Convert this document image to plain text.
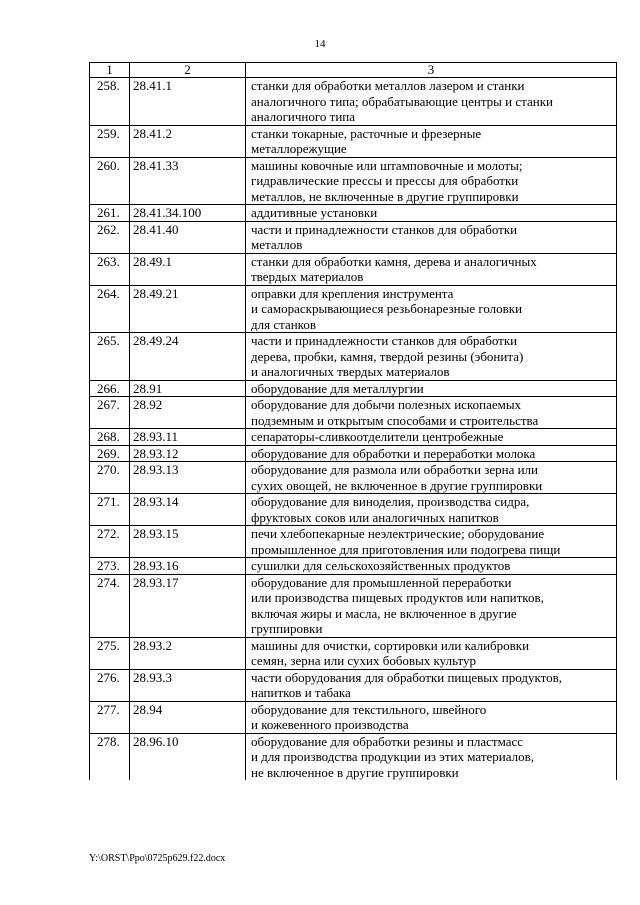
14
1	2	3
258.	28.41.1	станки для обработки металлов лазером и станки
аналогичного типа; обрабатывающие центры и станки
аналогичного типа
259.	28.41.2	станки токарные, расточные и фрезерные
металлорежущие
260.	28.41.33	машины ковочные или штамповочные и молоты;
гидравлические прессы и прессы для обработки
металлов, не включенные в другие группировки
261.	28.41.34.100	аддитивные установки
262.	28.41.40	части и принадлежности станков для обработки
металлов
263.	28.49.1	станки для обработки камня, дерева и аналогичных
твердых материалов
264.	28.49.21	оправки для крепления инструмента
и самораскрывающиеся резьбонарезные головки
для станков
265.	28.49.24	части и принадлежности станков для обработки
дерева, пробки, камня, твердой резины (эбонита)
и аналогичных твердых материалов
266.	28.91	оборудование для металлургии
267.	28.92	оборудование для добычи полезных ископаемых
подземным и открытым способами и строительства
268.	28.93.11	сепараторы-сливкоотделители центробежные
269.	28.93.12	оборудование для обработки и переработки молока
270.	28.93.13	оборудование для размола или обработки зерна или
сухих овощей, не включенное в другие группировки
271.	28.93.14	оборудование для виноделия, производства сидра,
фруктовых соков или аналогичных напитков
272.	28.93.15	печи хлебопекарные неэлектрические; оборудование
промышленное для приготовления или подогрева пищи
273.	28.93.16	сушилки для сельскохозяйственных продуктов
274.	28.93.17	оборудование для промышленной переработки
или производства пищевых продуктов или напитков,
включая жиры и масла, не включенное в другие
группировки
275.	28.93.2	машины для очистки, сортировки или калибровки
семян, зерна или сухих бобовых культур
276.	28.93.3	части оборудования для обработки пищевых продуктов,
напитков и табака
277.	28.94	оборудование для текстильного, швейного
и кожевенного производства
278.	28.96.10	оборудование для обработки резины и пластмасс
и для производства продукции из этих материалов,
не включенное в другие группировки
Y:\ORST\Ppo\0725p629.f22.docx
